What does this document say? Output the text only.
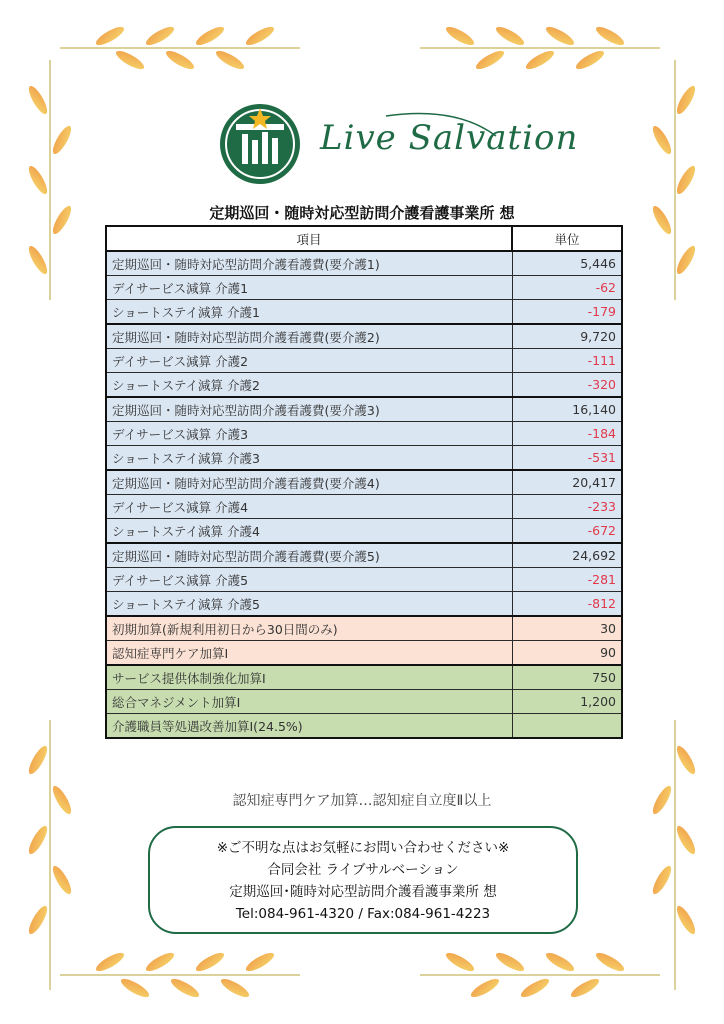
Live Salvation
定期巡回・随時対応型訪問介護看護事業所 想
項目	単位
定期巡回・随時対応型訪問介護看護費(要介護1)	5,446
デイサービス減算 介護1	-62
ショートステイ減算 介護1	-179
定期巡回・随時対応型訪問介護看護費(要介護2)	9,720
デイサービス減算 介護2	-111
ショートステイ減算 介護2	-320
定期巡回・随時対応型訪問介護看護費(要介護3)	16,140
デイサービス減算 介護3	-184
ショートステイ減算 介護3	-531
定期巡回・随時対応型訪問介護看護費(要介護4)	20,417
デイサービス減算 介護4	-233
ショートステイ減算 介護4	-672
定期巡回・随時対応型訪問介護看護費(要介護5)	24,692
デイサービス減算 介護5	-281
ショートステイ減算 介護5	-812
初期加算(新規利用初日から30日間のみ)	30
認知症専門ケア加算Ⅰ	90
サービス提供体制強化加算Ⅰ	750
総合マネジメント加算Ⅰ	1,200
介護職員等処遇改善加算Ⅰ(24.5%)	
認知症専門ケア加算…認知症自立度Ⅱ以上
※ご不明な点はお気軽にお問い合わせください※
合同会社 ライブサルベーション
定期巡回･随時対応型訪問介護看護事業所 想
Tel:084-961-4320 / Fax:084-961-4223
